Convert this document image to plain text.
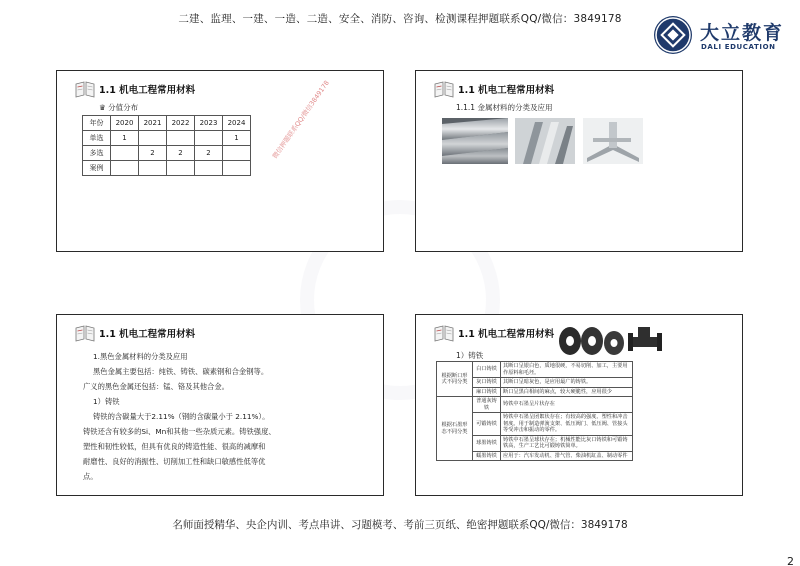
二建、监理、一建、一造、二造、安全、消防、咨询、检测课程押题联系QQ/微信：3849178
大立教育
DALI EDUCATION
1.1 机电工程常用材料
♛ 分值分布
年份	2020	2021	2022	2023	2024
单选	1				1
多选		2	2	2	
案例					
微信押题联系QQ/微信3849178	1.1 机电工程常用材料
1.1.1 金属材料的分类及应用
1.1 机电工程常用材料

1.黑色金属材料的分类及应用

黑色金属主要包括：纯铁、铸铁、碳素钢和合金钢等。

广义的黑色金属还包括：锰、铬及其他合金。

1）铸铁

铸铁的含碳量大于2.11%（钢的含碳量小于 2.11%）。

铸铁还含有较多的Si、Mn和其他一些杂质元素。铸铁强度、

塑性和韧性较低，但具有优良的铸造性能、很高的减摩和

耐磨性、良好的消振性、切削加工性和缺口敏感性低等优

点。

1.1 机电工程常用材料
1）铸铁
根据断口形式不同分类	白口铸铁	其断口呈银白色，质地很硬，不易切削、加工，主要用作原料和毛坯。
	灰口铸铁	其断口呈暗灰色，是应用最广的铸铁。
	麻口铸铁	断口呈黑白相间的麻点，较大硬脆性，应用很少
根据石墨形态不同分类	普通灰铸铁	铸铁中石墨呈片状存在
	可锻铸铁	铸铁中石墨呈团絮状存在；有较高的强度、塑性和冲击韧度。用于制造弹簧支架、低压阀门、低压阀、管接头等受冲击和振动的零件。
	球墨铸铁	铸铁中石墨呈球状存在；机械性能比灰口铸铁和可锻铸铁高，生产工艺比可锻铸铁简单。
	蠕墨铸铁	应用于：汽车发动机、排气管、柴油机缸盖、制动零件
名师面授精华、央企内训、考点串讲、习题模考、考前三页纸、绝密押题联系QQ/微信：3849178
2
